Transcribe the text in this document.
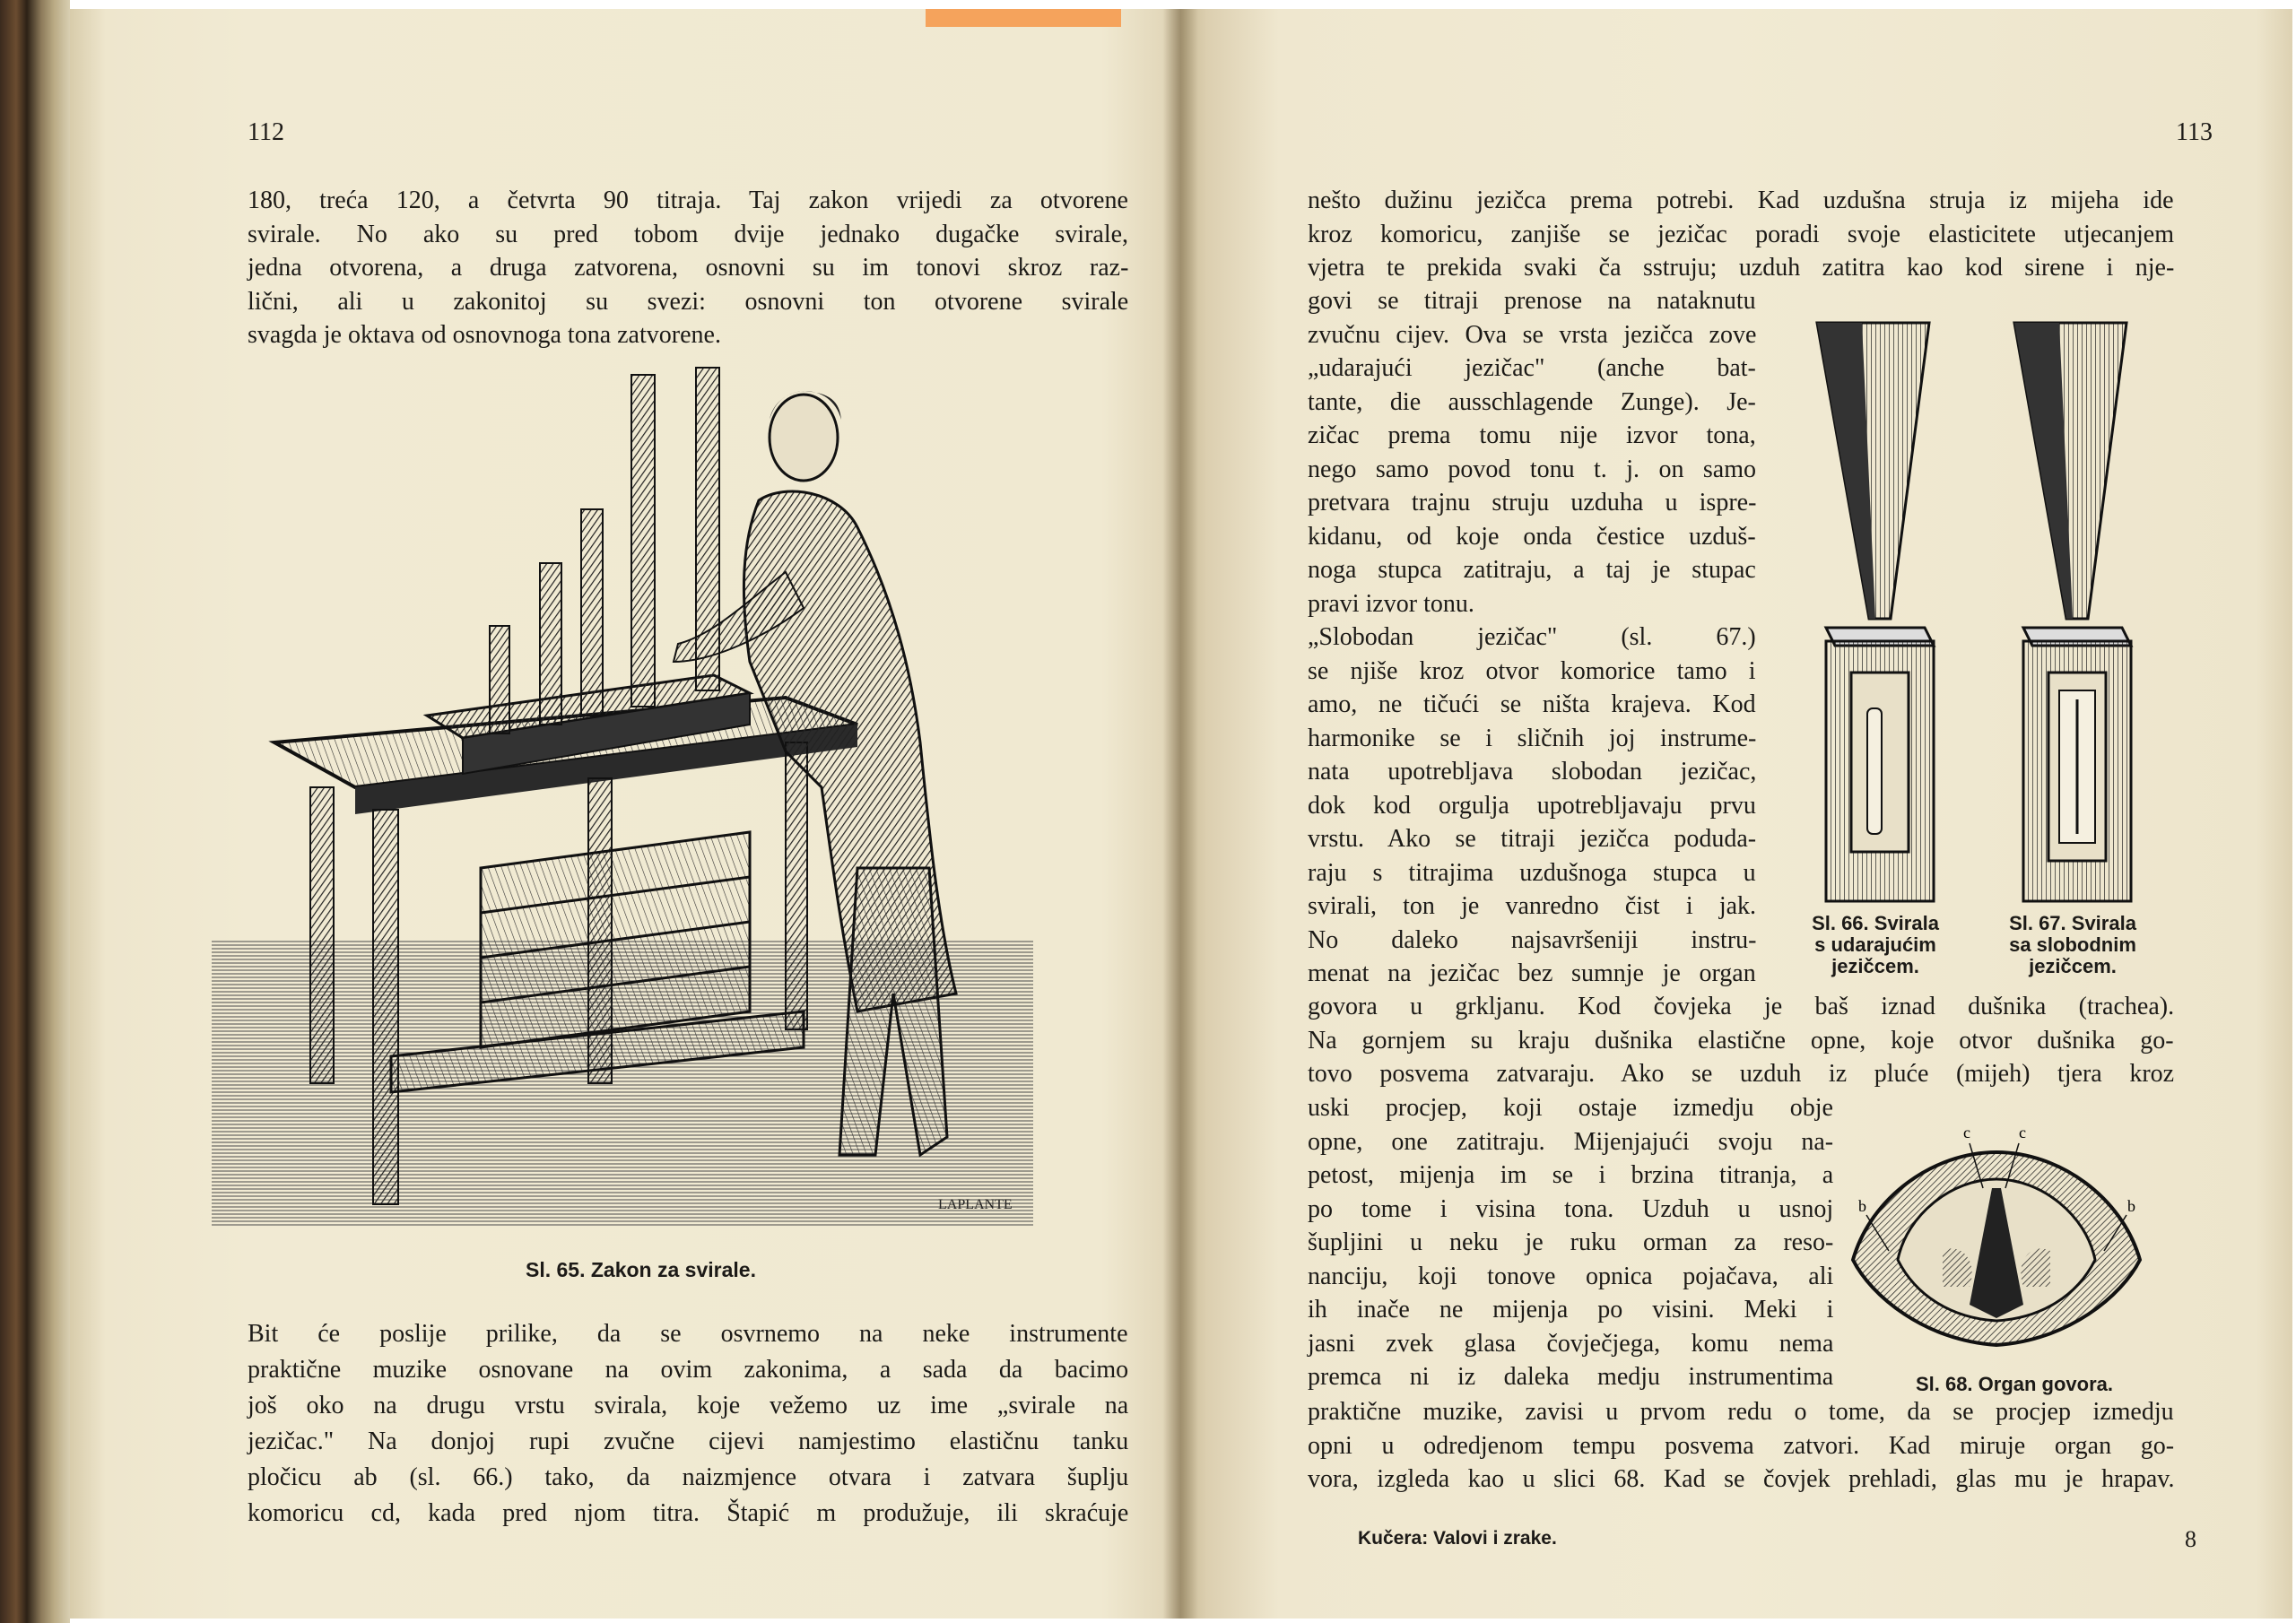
112
180, treća 120, a četvrta 90 titraja. Taj zakon vrijedi za otvorene
svirale. No ako su pred tobom dvije jednako dugačke svirale,
jedna otvorena, a druga zatvorena, osnovni su im tonovi skroz raz-
lični, ali u zakonitoj su svezi: osnovni ton otvorene svirale
svagda je oktava od osnovnoga tona zatvorene.
LAPLANTE
Sl. 65. Zakon za svirale.
Bit će poslije prilike, da se osvrnemo na neke instrumente
praktične muzike osnovane na ovim zakonima, a sada da bacimo
još oko na drugu vrstu svirala, koje vežemo uz ime „svirale na
jezičac." Na donjoj rupi zvučne cijevi namjestimo elastičnu tanku
pločicu ab (sl. 66.) tako, da naizmjence otvara i zatvara šuplju
komoricu cd, kada pred njom titra. Štapić m produžuje, ili skraćuje
113
nešto dužinu jezičca prema potrebi. Kad uzdušna struja iz mijeha ide
kroz komoricu, zanjiše se jezičac poradi svoje elasticitete utjecanjem
vjetra te prekida svaki ča sstruju; uzduh zatitra kao kod sirene i nje-
govi se titraji prenose na nataknutu
zvučnu cijev. Ova se vrsta jezičca zove
„udarajući jezičac" (anche bat-
tante, die ausschlagende Zunge). Je-
zičac prema tomu nije izvor tona,
nego samo povod tonu t. j. on samo
pretvara trajnu struju uzduha u ispre-
kidanu, od koje onda čestice uzduš-
noga stupca zatitraju, a taj je stupac
pravi izvor tonu.
„Slobodan jezičac" (sl. 67.)
se njiše kroz otvor komorice tamo i
amo, ne tičući se ništa krajeva. Kod
harmonike se i sličnih joj instrume-
nata upotrebljava slobodan jezičac,
dok kod orgulja upotrebljavaju prvu
vrstu. Ako se titraji jezičca poduda-
raju s titrajima uzdušnoga stupca u
svirali, ton je vanredno čist i jak.
No daleko najsavršeniji instru-
menat na jezičac bez sumnje je organ
govora u grkljanu. Kod čovjeka je baš iznad dušnika (trachea).
Na gornjem su kraju dušnika elastične opne, koje otvor dušnika go-
tovo posvema zatvaraju. Ako se uzduh iz pluće (mijeh) tjera kroz
uski procjep, koji ostaje izmedju obje
opne, one zatitraju. Mijenjajući svoju na-
petost, mijenja im se i brzina titranja, a
po tome i visina tona. Uzduh u usnoj
šupljini u neku je ruku orman za reso-
nanciju, koji tonove opnica pojačava, ali
ih inače ne mijenja po visini. Meki i
jasni zvek glasa čovječjega, komu nema
premca ni iz daleka medju instrumentima
praktične muzike, zavisi u prvom redu o tome, da se procjep izmedju
opni u odredjenom tempu posvema zatvori. Kad miruje organ go-
vora, izgleda kao u slici 68. Kad se čovjek prehladi, glas mu je hrapav.
Sl. 66. Svirala
s udarajućim
jezičcem.
Sl. 67. Svirala
sa slobodnim
jezičcem.
c	c
b	b
Sl. 68. Organ govora.
Kučera: Valovi i zrake.	8
